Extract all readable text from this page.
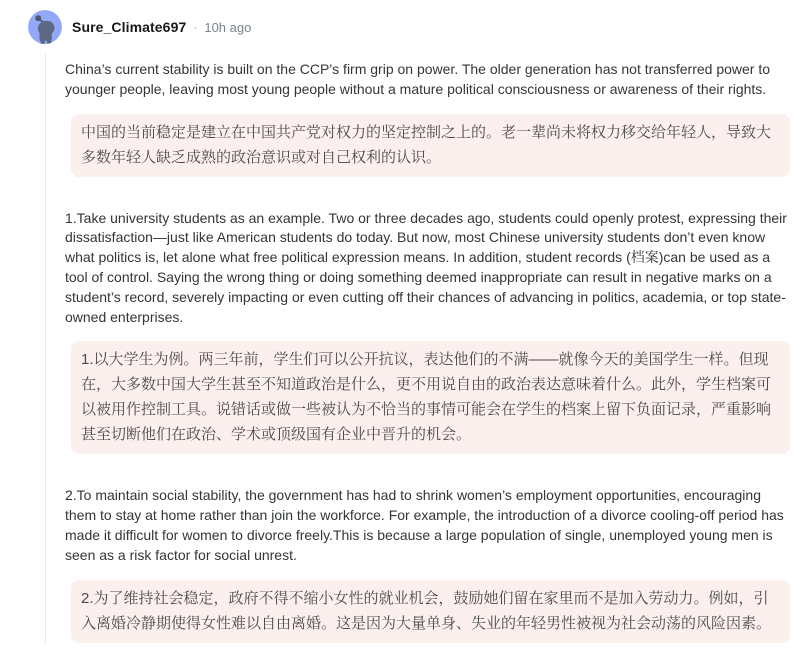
Sure_Climate697 · 10h ago

China’s current stability is built on the CCP’s firm grip on power. The older generation has not transferred power to younger people, leaving most young people without a mature political consciousness or awareness of their rights.

中国的当前稳定是建立在中国共产党对权力的坚定控制之上的。老一辈尚未将权力移交给年轻人，导致大多数年轻人缺乏成熟的政治意识或对自己权利的认识。

1.Take university students as an example. Two or three decades ago, students could openly protest, expressing their dissatisfaction—just like American students do today. But now, most Chinese university students don’t even know what politics is, let alone what free political expression means. In addition, student records (档案)can be used as a tool of control. Saying the wrong thing or doing something deemed inappropriate can result in negative marks on a student’s record, severely impacting or even cutting off their chances of advancing in politics, academia, or top state-owned enterprises.

1.以大学生为例。两三年前，学生们可以公开抗议，表达他们的不满——就像今天的美国学生一样。但现在，大多数中国大学生甚至不知道政治是什么，更不用说自由的政治表达意味着什么。此外，学生档案可以被用作控制工具。说错话或做一些被认为不恰当的事情可能会在学生的档案上留下负面记录，严重影响甚至切断他们在政治、学术或顶级国有企业中晋升的机会。

2.To maintain social stability, the government has had to shrink women’s employment opportunities, encouraging them to stay at home rather than join the workforce. For example, the introduction of a divorce cooling-off period has made it difficult for women to divorce freely.This is because a large population of single, unemployed young men is seen as a risk factor for social unrest.

2.为了维持社会稳定，政府不得不缩小女性的就业机会，鼓励她们留在家里而不是加入劳动力。例如，引入离婚冷静期使得女性难以自由离婚。这是因为大量单身、失业的年轻男性被视为社会动荡的风险因素。
